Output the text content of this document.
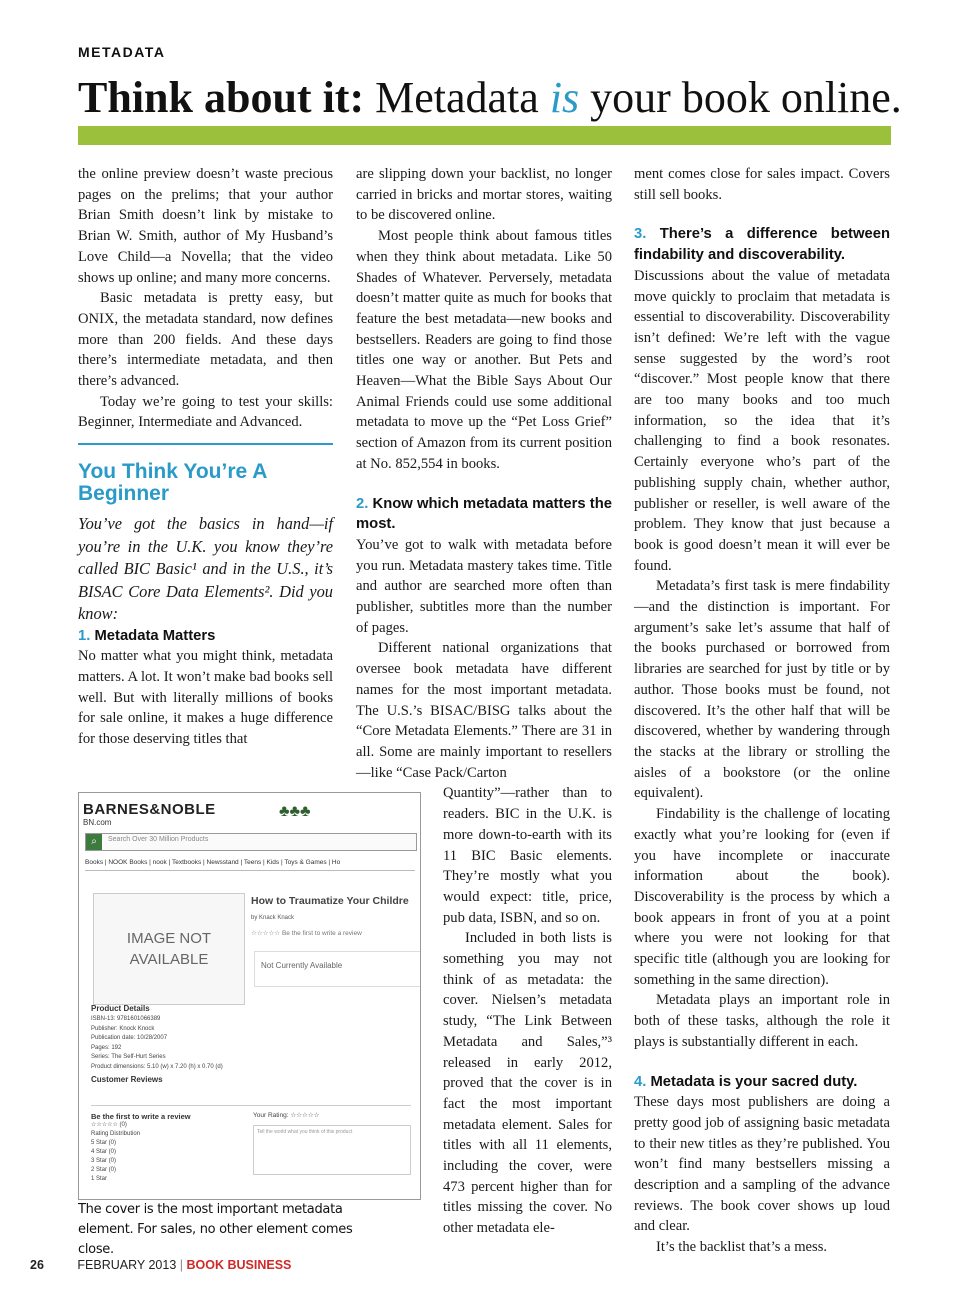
METADATA
Think about it: Metadata is your book online.

the online preview doesn’t waste precious pages on the prelims; that your author Brian Smith doesn’t link by mistake to Brian W. Smith, author of My Husband’s Love Child—a Novella; that the video shows up online; and many more concerns.

Basic metadata is pretty easy, but ONIX, the metadata standard, now defines more than 200 fields. And these days there’s intermediate metadata, and then there’s advanced.

Today we’re going to test your skills: Beginner, Intermediate and Advanced.

You Think You’re A Beginner

You’ve got the basics in hand—if you’re in the U.K. you know they’re called BIC Basic¹ and in the U.S., it’s BISAC Core Data Elements². Did you know:

1. Metadata Matters

No matter what you might think, metadata matters. A lot. It won’t make bad books sell well. But with literally millions of books for sale online, it makes a huge difference for those deserving titles that

are slipping down your backlist, no longer carried in bricks and mortar stores, waiting to be discovered online.

Most people think about famous titles when they think about metadata. Like 50 Shades of Whatever. Perversely, metadata doesn’t matter quite as much for books that feature the best metadata—new books and bestsellers. Readers are going to find those titles one way or another. But Pets and Heaven—What the Bible Says About Our Animal Friends could use some additional metadata to move up the “Pet Loss Grief” section of Amazon from its current position at No. 852,554 in books.

2. Know which metadata matters the most.

You’ve got to walk with metadata before you run. Metadata mastery takes time. Title and author are searched more often than publisher, subtitles more than the number of pages.

Different national organizations that oversee book metadata have different names for the most important metadata. The U.S.’s BISAC/BISG talks about the “Core Metadata Elements.” There are 31 in all. Some are mainly important to resellers—like “Case Pack/Carton

Quantity”—rather than to readers. BIC in the U.K. is more down-to-earth with its 11 BIC Basic elements. They’re mostly what you would expect: title, price, pub data, ISBN, and so on.

Included in both lists is something you may not think of as metadata: the cover. Nielsen’s metadata study, “The Link Between Metadata and Sales,”³ released in early 2012, proved that the cover is in fact the most important metadata element. Sales for titles with all 11 elements, including the cover, were 473 percent higher than for titles missing the cover. No other metadata ele-

ment comes close for sales impact. Covers still sell books.

3. There’s a difference between findability and discoverability.

Discussions about the value of metadata move quickly to proclaim that metadata is essential to discoverability. Discoverability isn’t defined: We’re left with the vague sense suggested by the word’s root “discover.” Most people know that there are too many books and too much information, so the idea that it’s challenging to find a book resonates. Certainly everyone who’s part of the publishing supply chain, whether author, publisher or reseller, is well aware of the problem. They know that just because a book is good doesn’t mean it will ever be found.

Metadata’s first task is mere findability—and the distinction is important. For argument’s sake let’s assume that half of the books purchased or borrowed from libraries are searched for just by title or by author. Those books must be found, not discovered. It’s the other half that will be discovered, whether by wandering through the stacks at the library or strolling the aisles of a bookstore (or the online equivalent).

Findability is the challenge of locating exactly what you’re looking for (even if you have incomplete or inaccurate information about the book). Discoverability is the process by which a book appears in front of you at a point where you were not looking for that specific title (although you are looking for something in the same direction).

Metadata plays an important role in both of these tasks, although the role it plays is substantially different in each.

4. Metadata is your sacred duty.

These days most publishers are doing a pretty good job of assigning basic metadata to their new titles as they’re published. You won’t find many bestsellers missing a description and a sampling of the advance reviews. The book cover shows up loud and clear.

It’s the backlist that’s a mess.

BARNES&NOBLE
BN.com
♣♣♣
⌕	Search Over 30 Million Products
Books | NOOK Books | nook | Textbooks | Newsstand | Teens | Kids | Toys & Games | Ho
IMAGE NOT AVAILABLE
How to Traumatize Your Childre
by Knack Knack
☆☆☆☆☆ Be the first to write a review
Not Currently Available
Product Details
ISBN-13: 9781601066389
Publisher: Knock Knock
Publication date: 10/28/2007
Pages: 192
Series: The Self-Hurt Series
Product dimensions: 5.10 (w) x 7.20 (h) x 0.70 (d)
Customer Reviews
Be the first to write a review
☆☆☆☆☆ (0)
Rating Distribution
5 Star (0)
4 Star (0)
3 Star (0)
2 Star (0)
1 Star
Your Rating: ☆☆☆☆☆
Tell the world what you think of this product
The cover is the most important metadata element. For sales, no other element comes close.
26	FEBRUARY 2013 | BOOK BUSINESS
